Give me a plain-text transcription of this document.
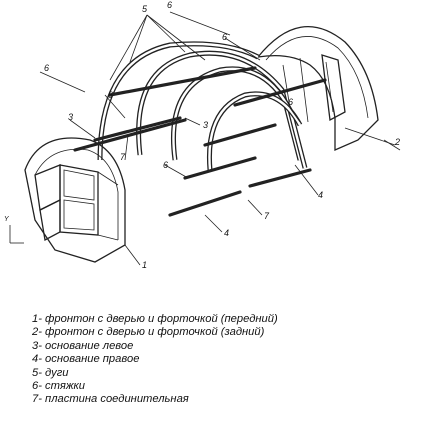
5 6
6
6
6
3
3
6
2
7
6
4
7
4
1
Y
1- фронтон с дверью и форточкой (передний)
2- фронтон с дверью и форточкой (задний)
3- основание левое
4- основание правое
5- дуги
6- стяжки
7- пластина соединительная
